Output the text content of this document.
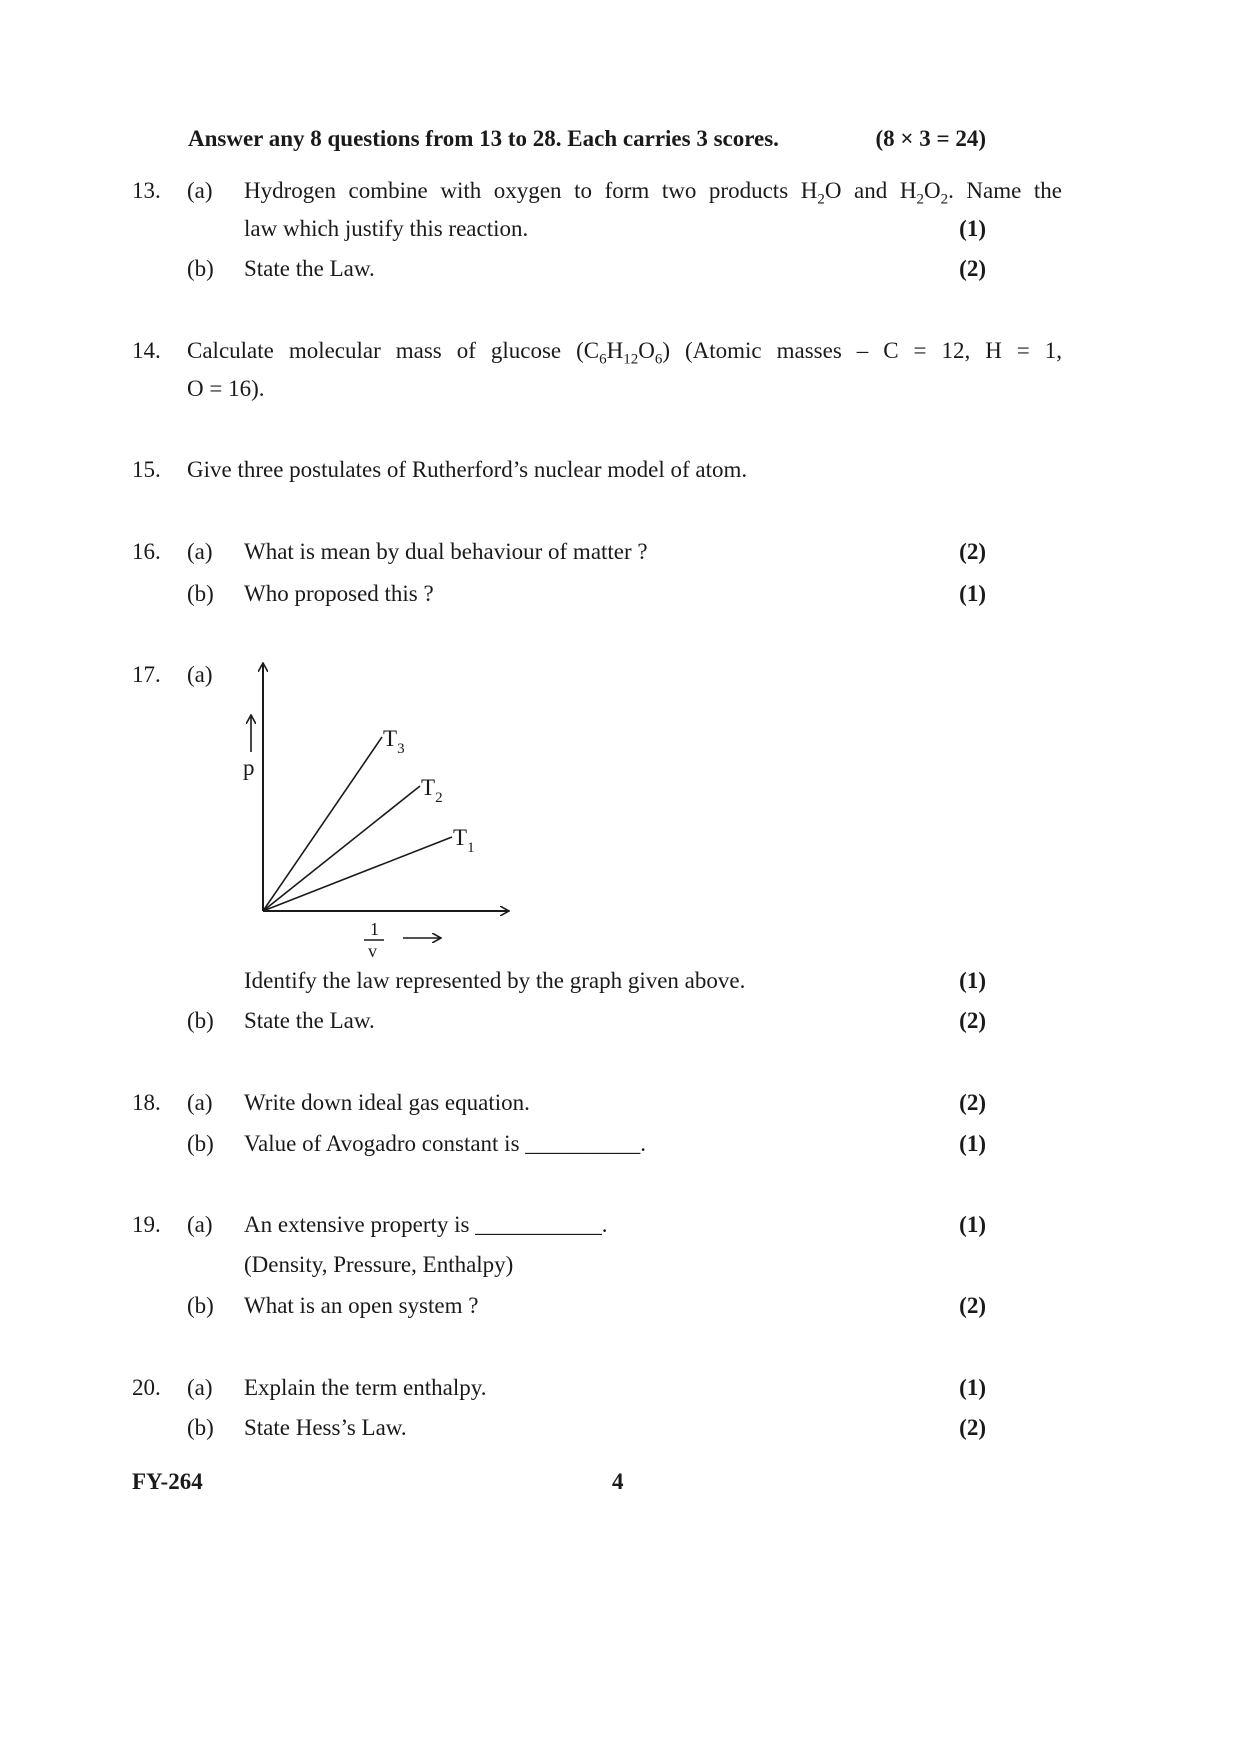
Answer any 8 questions from 13 to 28. Each carries 3 scores.	(8 × 3 = 24)
13. (a) Hydrogen combine with oxygen to form two products $H_2O$ and $H_2O_2$. Name the
law which justify this reaction.	(1)
(b) State the Law.	(2)
14. Calculate molecular mass of glucose $(C_6H_{12}O_6)$ (Atomic masses – C = 12, H = 1,
O = 16).
15. Give three postulates of Rutherford’s nuclear model of atom.
16. (a) What is mean by dual behaviour of matter ?	(2)
(b) Who proposed this ?	(1)
17. (a)
p
$T_3$
$T_2$
$T_1$
1
v
Identify the law represented by the graph given above.	(1)
(b) State the Law.	(2)
18. (a) Write down ideal gas equation.	(2)
(b) Value of Avogadro constant is __________.	(1)
19. (a) An extensive property is ___________.	(1)
(Density, Pressure, Enthalpy)
(b) What is an open system ?	(2)
20. (a) Explain the term enthalpy.	(1)
(b) State Hess’s Law.	(2)
FY-264	4
